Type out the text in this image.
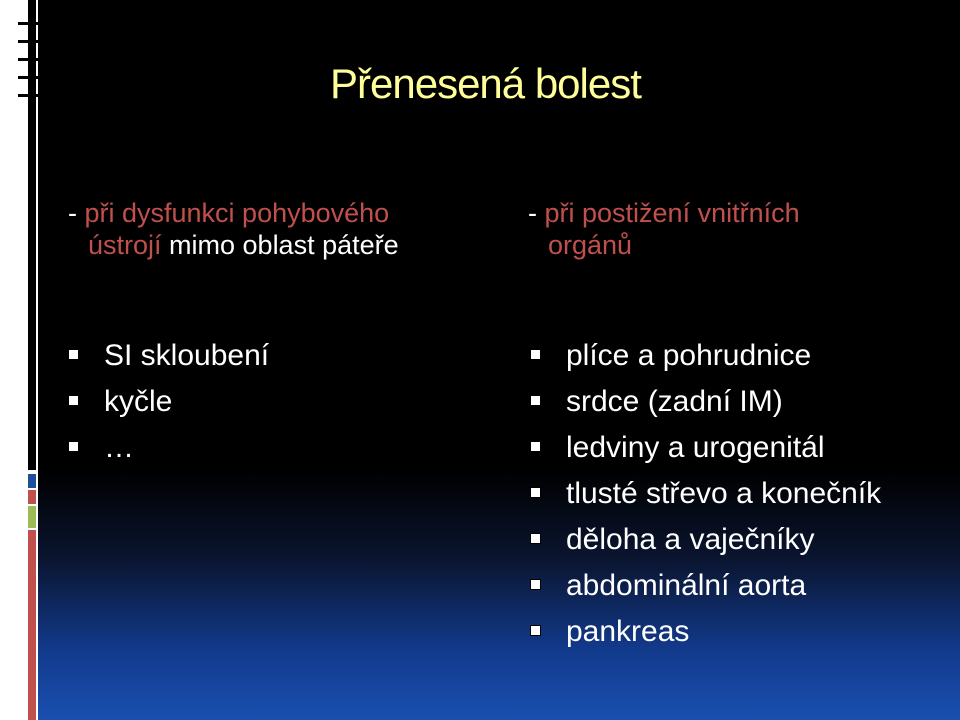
Přenesená bolest
- při dysfunkci pohybového
ústrojí mimo oblast páteře
- při postižení vnitřních
orgánů
SI skloubení
kyčle
…
plíce a pohrudnice
srdce (zadní IM)
ledviny a urogenitál
tlusté střevo a konečník
děloha a vaječníky
abdominální aorta
pankreas
